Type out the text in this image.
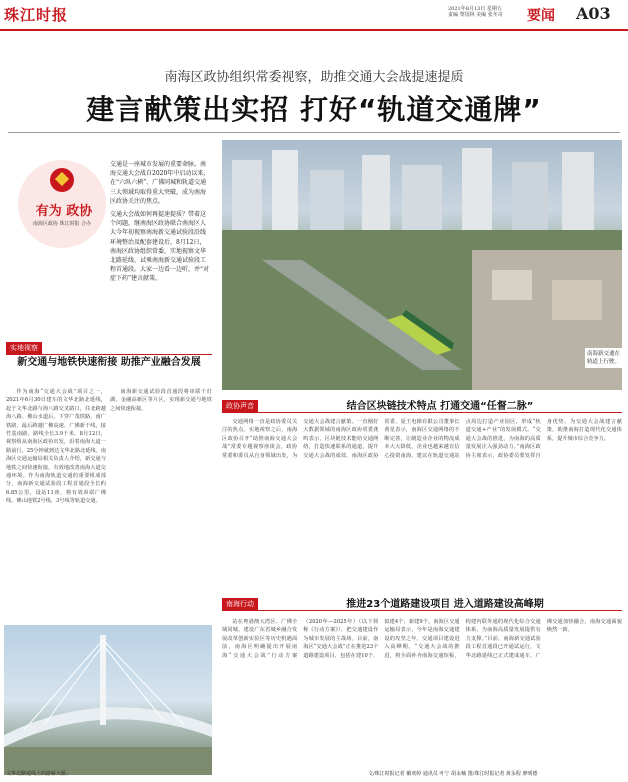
珠江时报	2021年8月13日 星期五
责编 黎国林 美编 张冬奇	要闻 A03
南海区政协组织常委视察，助推交通大会战提速提质
建言献策出实招 打好“轨道交通牌”
交通是一座城市发展的重要命脉。南海交通大会战自2020年中启动以来，在“六纵六横”、广佛同城和轨道交通三大领域均取得重大突破，成为南海区政协关注的焦点。
交通大会战如何再提速提质？带着这个问题，继南海区政协联合南海区人大今年初视察南海新交通试验段沿线环境整治及配套建设后，8月12日，南海区政协组织常委，实地视察文华北路延线、试乘南海新交通试验段工程首通段。大家一边看一边听，并“对症下药”建言献策。
有为 政协
南海区政协 珠江时报 合办
南海新交通在轨道上行驶。
实地视察
新交通与地铁快速衔接 助推产业融合发展

作为南海“交通大会战”项目之一，2021年6月30日建车的文华北路北延线，起于文华北路与海八路交叉路口，往北跨越海八路、佛山水道后，下穿广茂铁路、南广铁路，最后跨越广佛高速、广佛新干线，接竹基南路，路线全长3.9千米。8月12日，视察组从南海区政协出发，沿着南海大道一路前行，25分钟就到达文华北路北延线。南海区交通运输局相关负责人介绍，新交通与地铁之间快速衔接，有效地改善南海大道交通环境。作为南海轨道交通的重要组成部分，南海新交通试验段工程首通段全长约6.85公里，设站11座，将有效串联广佛线、佛山地铁2号线、3号线等轨道交通。

南海新交通试验段首通段将串联千灯湖、金融高新区等片区，实现新交通与地铁之间快速衔接。	政协声音	结合区块链技术特点 打通交通“任督二脉”

交通网络一直是政协委员关注的焦点。实地视察之后，南海区政协召开“助推南海交通大会战”常委专题视察座谈会，政协常委和委员从自身领域出发，为交通大会战建言献策。一直刚好大数据领域的南海区政协常委龚鸣表示，区块链技术能给交通网络，打造快速联系的通道，提升交通大会战的成效。南海区政协常委、夏王电梯有限公司董事长黄星表示，南海区交通网络的不断完善，让制造业企业的物流成本大大降低，企业也越来越有信心投资南海。建议在轨道交通站点周边打造产业园区，形成“轨道交通+产业”的发展模式。“交通大会战的推进，为南海的高质量发展注入强劲动力。”南海区政协主席表示，政协委员要发挥自身优势，为交通大会战建言献策，助推南海打造现代化交通体系，提升城市综合竞争力。

南海行动	推进23个道路建设项目 进入道路建设高峰期

站在粤港澳大湾区、广佛全域同城、建设广东省城乡融合发展改革创新实验区等历史机遇面前，南海区明确提出开展南海“交通大会战”行动方案（2020年—2025年）（以下简称《行动方案》），把交通建设作为城市发展的主战场。目前，南海区“交通大会战”正在推进23个道路建设项目，包括在建10个、拟建4个、新建9个。南海区交通运输局表示，今年是南海交通建设的攻坚之年，交通项目建设进入高峰期。“交通大会战的推进，将全面补齐南海交通短板，构建内联外通的现代化综合交通体系，为南海高质量发展提供有力支撑。”目前，南海新交通试验段工程首通段已开通试运行，文华北路延线已正式建成通车，广佛交通加快融合，南海交通面貌焕然一新。

文华北路延线上的游桥大桥。	文/珠江时报记者 戴欢婷 通讯员 叶宁 胡永楠 图/珠江时报记者 黄永程 廖明德
